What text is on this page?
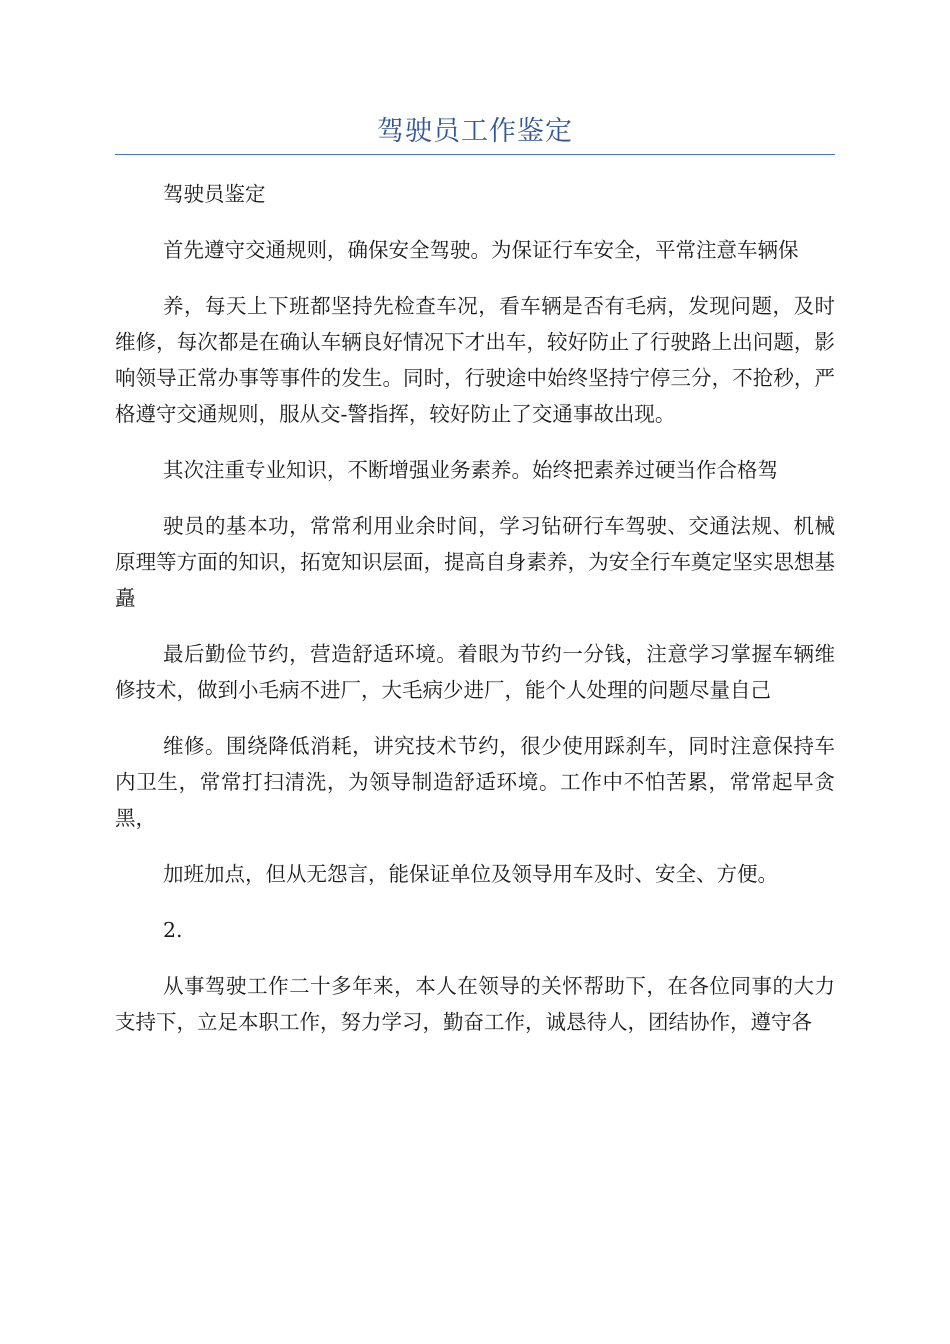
驾驶员工作鉴定

驾驶员鉴定

首先遵守交通规则，确保安全驾驶。为保证行车安全，平常注意车辆保

养，每天上下班都坚持先检查车况，看车辆是否有毛病，发现问题，及时维修，每次都是在确认车辆良好情况下才出车，较好防止了行驶路上出问题，影响领导正常办事等事件的发生。同时，行驶途中始终坚持宁停三分，不抢秒，严格遵守交通规则，服从交-警指挥，较好防止了交通事故出现。

其次注重专业知识，不断增强业务素养。始终把素养过硬当作合格驾

驶员的基本功，常常利用业余时间，学习钻研行车驾驶、交通法规、机械原理等方面的知识，拓宽知识层面，提高自身素养，为安全行车奠定坚实思想基矗

最后勤俭节约，营造舒适环境。着眼为节约一分钱，注意学习掌握车辆维修技术，做到小毛病不进厂，大毛病少进厂，能个人处理的问题尽量自己

维修。围绕降低消耗，讲究技术节约，很少使用踩刹车，同时注意保持车内卫生，常常打扫清洗，为领导制造舒适环境。工作中不怕苦累，常常起早贪黑，

加班加点，但从无怨言，能保证单位及领导用车及时、安全、方便。

2.

从事驾驶工作二十多年来，本人在领导的关怀帮助下，在各位同事的大力支持下，立足本职工作，努力学习，勤奋工作，诚恳待人，团结协作，遵守各
